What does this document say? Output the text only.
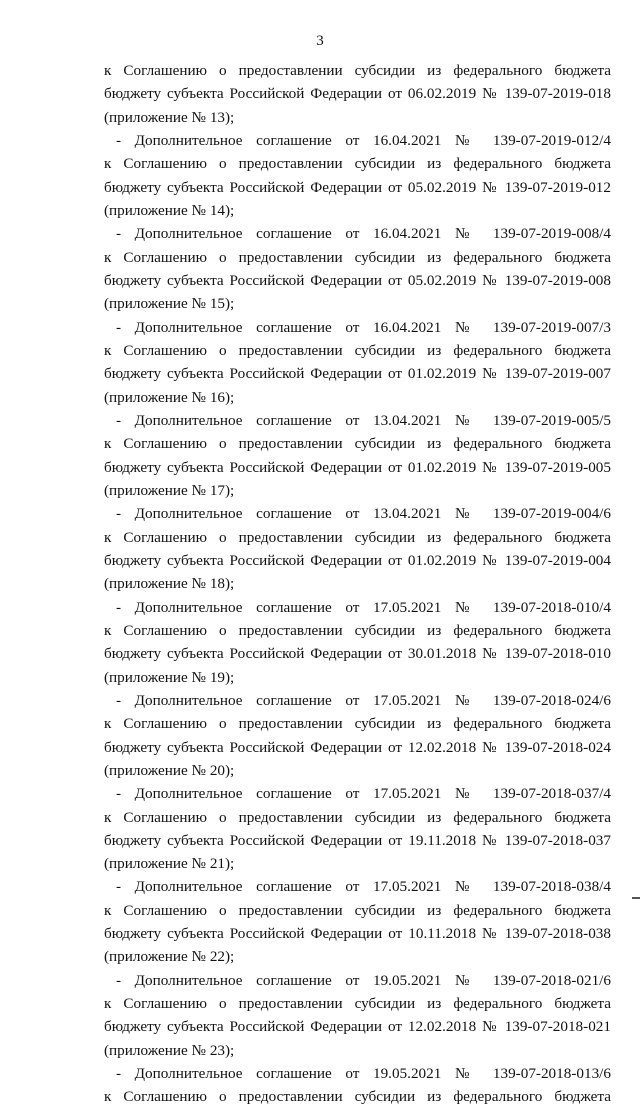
3
к Соглашению о предоставлении субсидии из федерального бюджета
бюджету субъекта Российской Федерации от 06.02.2019 № 139-07-2019-018
(приложение № 13);
- Дополнительное соглашение от 16.04.2021 № 139-07-2019-012/4
к Соглашению о предоставлении субсидии из федерального бюджета
бюджету субъекта Российской Федерации от 05.02.2019 № 139-07-2019-012
(приложение № 14);
- Дополнительное соглашение от 16.04.2021 № 139-07-2019-008/4
к Соглашению о предоставлении субсидии из федерального бюджета
бюджету субъекта Российской Федерации от 05.02.2019 № 139-07-2019-008
(приложение № 15);
- Дополнительное соглашение от 16.04.2021 № 139-07-2019-007/3
к Соглашению о предоставлении субсидии из федерального бюджета
бюджету субъекта Российской Федерации от 01.02.2019 № 139-07-2019-007
(приложение № 16);
- Дополнительное соглашение от 13.04.2021 № 139-07-2019-005/5
к Соглашению о предоставлении субсидии из федерального бюджета
бюджету субъекта Российской Федерации от 01.02.2019 № 139-07-2019-005
(приложение № 17);
- Дополнительное соглашение от 13.04.2021 № 139-07-2019-004/6
к Соглашению о предоставлении субсидии из федерального бюджета
бюджету субъекта Российской Федерации от 01.02.2019 № 139-07-2019-004
(приложение № 18);
- Дополнительное соглашение от 17.05.2021 № 139-07-2018-010/4
к Соглашению о предоставлении субсидии из федерального бюджета
бюджету субъекта Российской Федерации от 30.01.2018 № 139-07-2018-010
(приложение № 19);
- Дополнительное соглашение от 17.05.2021 № 139-07-2018-024/6
к Соглашению о предоставлении субсидии из федерального бюджета
бюджету субъекта Российской Федерации от 12.02.2018 № 139-07-2018-024
(приложение № 20);
- Дополнительное соглашение от 17.05.2021 № 139-07-2018-037/4
к Соглашению о предоставлении субсидии из федерального бюджета
бюджету субъекта Российской Федерации от 19.11.2018 № 139-07-2018-037
(приложение № 21);
- Дополнительное соглашение от 17.05.2021 № 139-07-2018-038/4
к Соглашению о предоставлении субсидии из федерального бюджета
бюджету субъекта Российской Федерации от 10.11.2018 № 139-07-2018-038
(приложение № 22);
- Дополнительное соглашение от 19.05.2021 № 139-07-2018-021/6
к Соглашению о предоставлении субсидии из федерального бюджета
бюджету субъекта Российской Федерации от 12.02.2018 № 139-07-2018-021
(приложение № 23);
- Дополнительное соглашение от 19.05.2021 № 139-07-2018-013/6
к Соглашению о предоставлении субсидии из федерального бюджета
